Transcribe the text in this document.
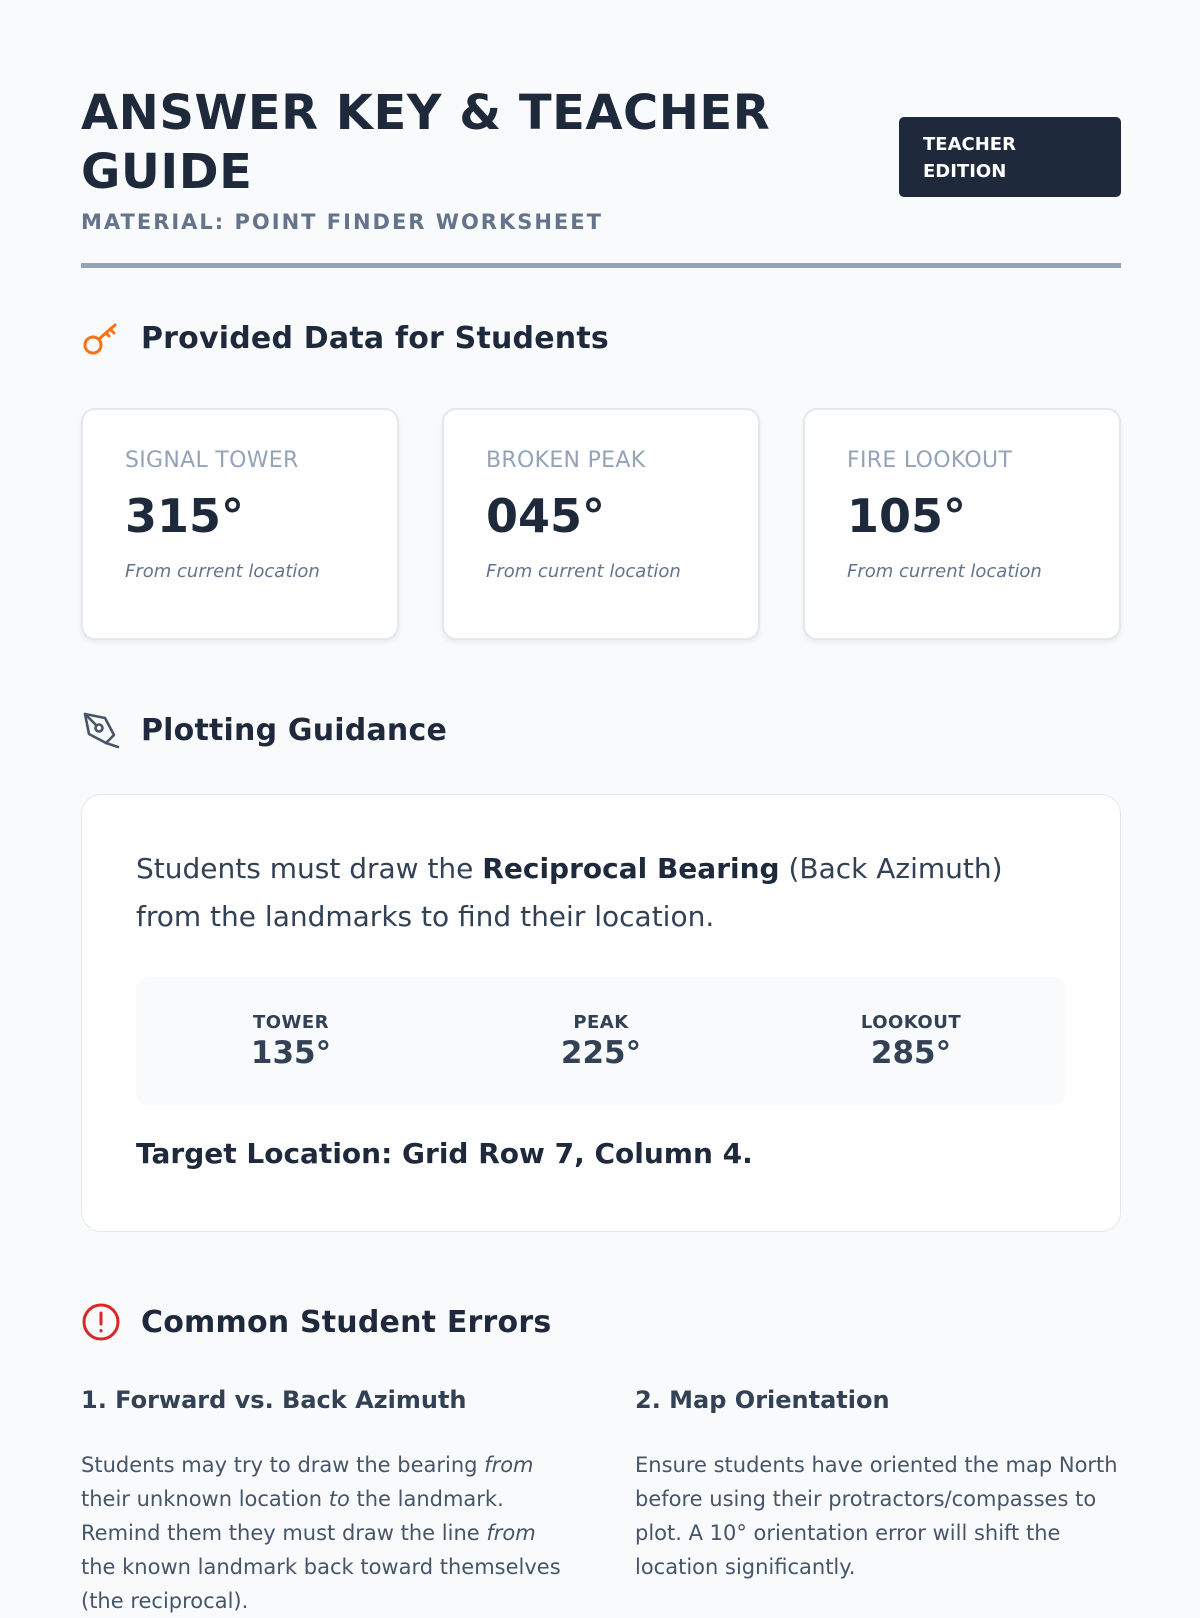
ANSWER KEY & TEACHER GUIDE
MATERIAL: POINT FINDER WORKSHEET
TEACHER EDITION
Provided Data for Students
SIGNAL TOWER
315°
From current location
BROKEN PEAK
045°
From current location
FIRE LOOKOUT
105°
From current location
Plotting Guidance

Students must draw the Reciprocal Bearing (Back Azimuth) from the landmarks to find their location.

TOWER
135°
PEAK
225°
LOOKOUT
285°
Target Location: Grid Row 7, Column 4.
Common Student Errors
1. Forward vs. Back Azimuth

Students may try to draw the bearing from their unknown location to the landmark. Remind them they must draw the line from the known landmark back toward themselves (the reciprocal).

2. Map Orientation

Ensure students have oriented the map North before using their protractors/compasses to plot. A 10° orientation error will shift the location significantly.
